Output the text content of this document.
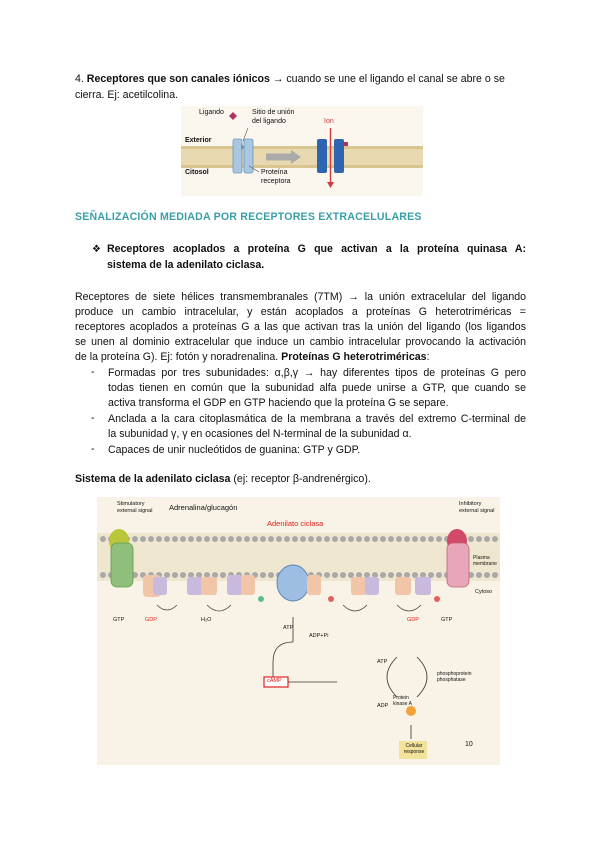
4. Receptores que son canales iónicos → cuando se une el ligando el canal se abre o se
cierra. Ej: acetilcolina.
Ligando	Sitio de unión
del ligando	Ion
Exterior
Citosol	Proteína
receptora
SEÑALIZACIÓN MEDIADA POR RECEPTORES EXTRACELULARES
❖ Receptores acoplados a proteína G que activan a la proteína quinasa A:
sistema de la adenilato ciclasa.
Receptores de siete hélices transmembranales (7TM) → la unión extracelular del ligando
produce un cambio intracelular, y están acoplados a proteínas G heterotriméricas =
receptores acoplados a proteínas G a las que activan tras la unión del ligando (los ligandos
se unen al dominio extracelular que induce un cambio intracelular provocando la activación
de la proteína G). Ej: fotón y noradrenalina. Proteínas G heterotriméricas:
- Formadas por tres subunidades: α,β,γ → hay diferentes tipos de proteínas G pero
todas tienen en común que la subunidad alfa puede unirse a GTP, que cuando se
activa transforma el GDP en GTP haciendo que la proteína G se separe.
- Anclada a la cara citoplasmática de la membrana a través del extremo C-terminal de
la subunidad γ, γ en ocasiones del N-terminal de la subunidad α.
- Capaces de unir nucleótidos de guanina: GTP y GDP.
Sistema de la adenilato ciclasa (ej: receptor β-andrenérgico).
Stimulatory external signal	Adrenalina/glucagón
Adenilato ciclasa
Inhibitory external signal
Plasma membrane
Cytoso
GTP	GDP	H₂O
ATP
ADP+Pi
GDP	GTP
cAMP
ATP
ADP
Protein kinase A
phosphoprotein phosphatase
Cellular response
10
